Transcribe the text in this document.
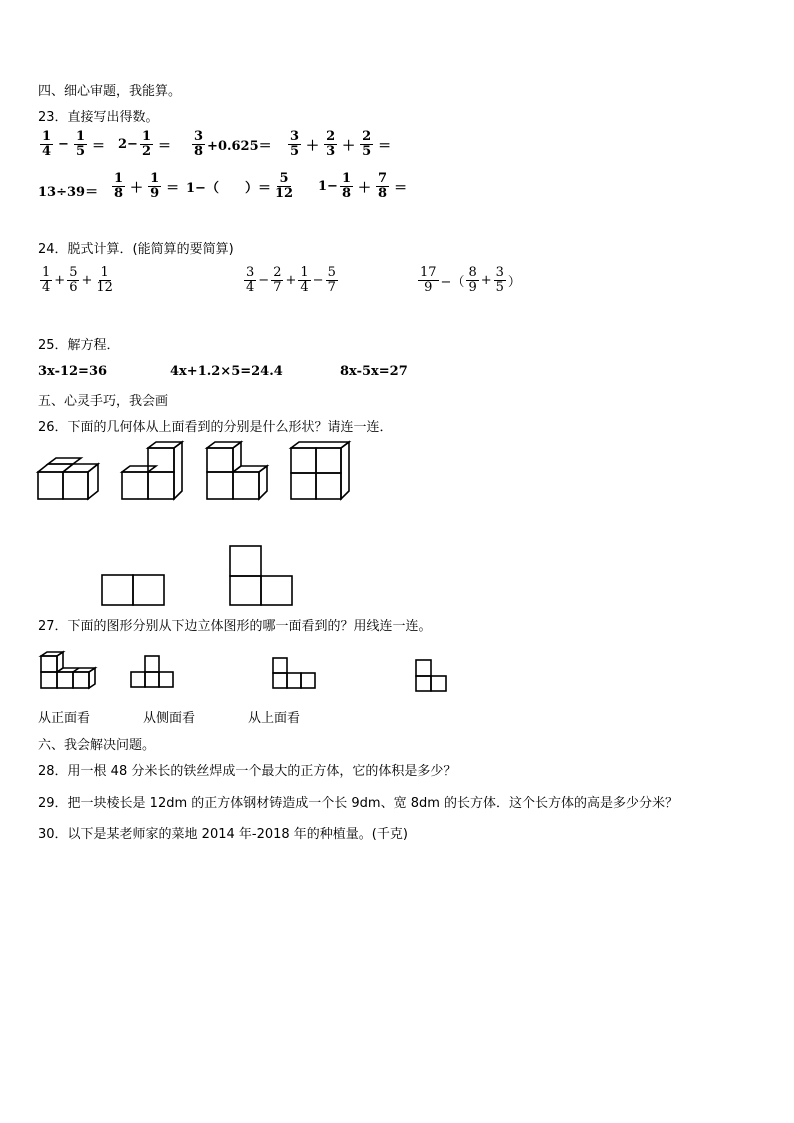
四、细心审题，我能算。
23．直接写出得数。
$\frac{1}{4} - \frac{1}{5} = 2- \frac{1}{2} = \frac{3}{8} +0.625= \frac{3}{5} + \frac{2}{3} + \frac{2}{5}$ ＝
$13\div 39= \frac{1}{8} + \frac{1}{9} = 1-$（　　）＝ $\frac{5}{12} 1- \frac{1}{8} + \frac{7}{8}$ ＝
24．脱式计算．(能简算的要简算)
$\frac{1}{4} + \frac{5}{6} + \frac{1}{12}$	$\frac{3}{4} - \frac{2}{7} + \frac{1}{4} - \frac{5}{7}$	$\frac{17}{9}$ −（ $\frac{8}{9} + \frac{3}{5}$ ）
25．解方程．
3x-12=36	4x+1.2×5=24.4	8x-5x=27
五、心灵手巧，我会画
26．下面的几何体从上面看到的分别是什么形状？请连一连．
27．下面的图形分别从下边立体图形的哪一面看到的？用线连一连。
从正面看	从侧面看	从上面看
六、我会解决问题。
28．用一根 48 分米长的铁丝焊成一个最大的正方体，它的体积是多少？
29．把一块棱长是 12dm 的正方体钢材铸造成一个长 9dm、宽 8dm 的长方体．这个长方体的高是多少分米？
30．以下是某老师家的菜地 2014 年-2018 年的种植量。(千克)
